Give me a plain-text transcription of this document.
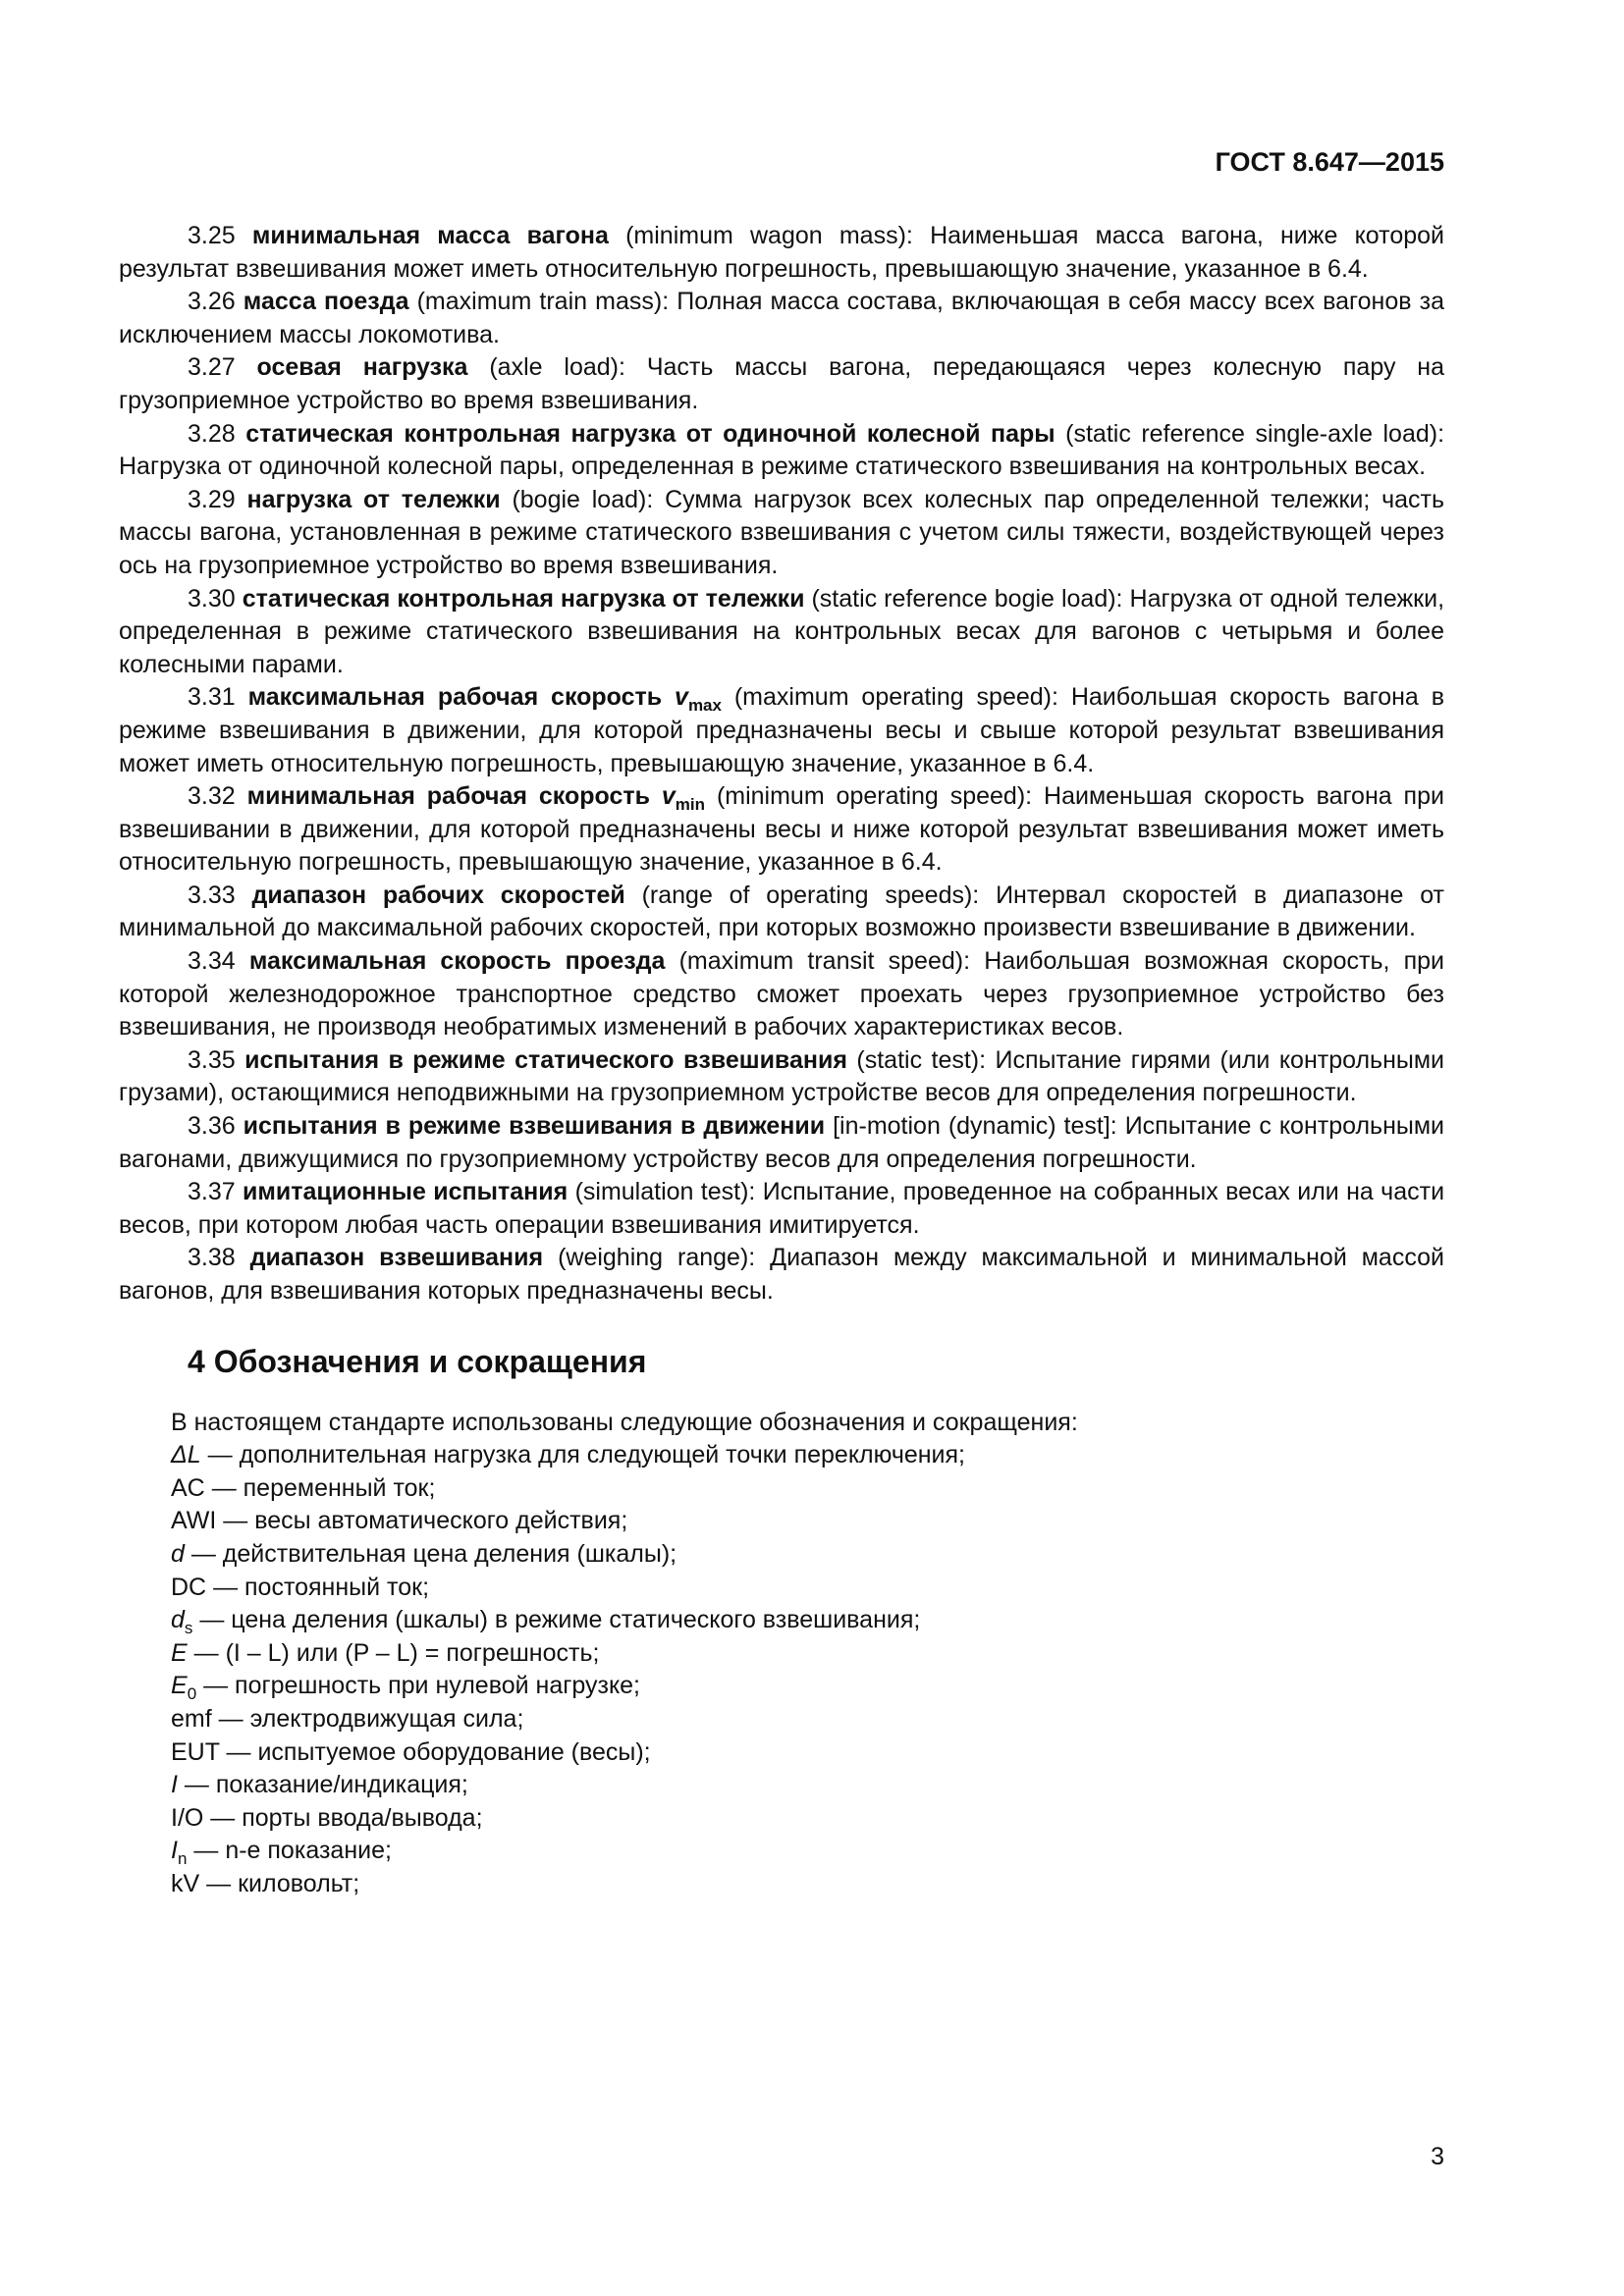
ГОСТ 8.647—2015

3.25 минимальная масса вагона (minimum wagon mass): Наименьшая масса вагона, ниже которой результат взвешивания может иметь относительную погрешность, превышающую значение, указанное в 6.4.

3.26 масса поезда (maximum train mass): Полная масса состава, включающая в себя массу всех вагонов за исключением массы локомотива.

3.27 осевая нагрузка (axle load): Часть массы вагона, передающаяся через колесную пару на грузоприемное устройство во время взвешивания.

3.28 статическая контрольная нагрузка от одиночной колесной пары (static reference single-axle load): Нагрузка от одиночной колесной пары, определенная в режиме статического взвешивания на контрольных весах.

3.29 нагрузка от тележки (bogie load): Сумма нагрузок всех колесных пар определенной тележки; часть массы вагона, установленная в режиме статического взвешивания с учетом силы тяжести, воздействующей через ось на грузоприемное устройство во время взвешивания.

3.30 статическая контрольная нагрузка от тележки (static reference bogie load): Нагрузка от одной тележки, определенная в режиме статического взвешивания на контрольных весах для вагонов с четырьмя и более колесными парами.

3.31 максимальная рабочая скорость $v_{max}$ (maximum operating speed): Наибольшая скорость вагона в режиме взвешивания в движении, для которой предназначены весы и свыше которой результат взвешивания может иметь относительную погрешность, превышающую значение, указанное в 6.4.

3.32 минимальная рабочая скорость $v_{min}$ (minimum operating speed): Наименьшая скорость вагона при взвешивании в движении, для которой предназначены весы и ниже которой результат взвешивания может иметь относительную погрешность, превышающую значение, указанное в 6.4.

3.33 диапазон рабочих скоростей (range of operating speeds): Интервал скоростей в диапазоне от минимальной до максимальной рабочих скоростей, при которых возможно произвести взвешивание в движении.

3.34 максимальная скорость проезда (maximum transit speed): Наибольшая возможная скорость, при которой железнодорожное транспортное средство сможет проехать через грузоприемное устройство без взвешивания, не производя необратимых изменений в рабочих характеристиках весов.

3.35 испытания в режиме статического взвешивания (static test): Испытание гирями (или контрольными грузами), остающимися неподвижными на грузоприемном устройстве весов для определения погрешности.

3.36 испытания в режиме взвешивания в движении [in-motion (dynamic) test]: Испытание с контрольными вагонами, движущимися по грузоприемному устройству весов для определения погрешности.

3.37 имитационные испытания (simulation test): Испытание, проведенное на собранных весах или на части весов, при котором любая часть операции взвешивания имитируется.

3.38 диапазон взвешивания (weighing range): Диапазон между максимальной и минимальной массой вагонов, для взвешивания которых предназначены весы.

4 Обозначения и сокращения
В настоящем стандарте использованы следующие обозначения и сокращения:
ΔL — дополнительная нагрузка для следующей точки переключения;
AC — переменный ток;
AWI — весы автоматического действия;
d — действительная цена деления (шкалы);
DC — постоянный ток;
$d_s$ — цена деления (шкалы) в режиме статического взвешивания;
E — (I – L) или (P – L) = погрешность;
$E_0$ — погрешность при нулевой нагрузке;
emf — электродвижущая сила;
EUT — испытуемое оборудование (весы);
I — показание/индикация;
I/O — порты ввода/вывода;
$I_n$ — n-е показание;
kV — киловольт;
3
